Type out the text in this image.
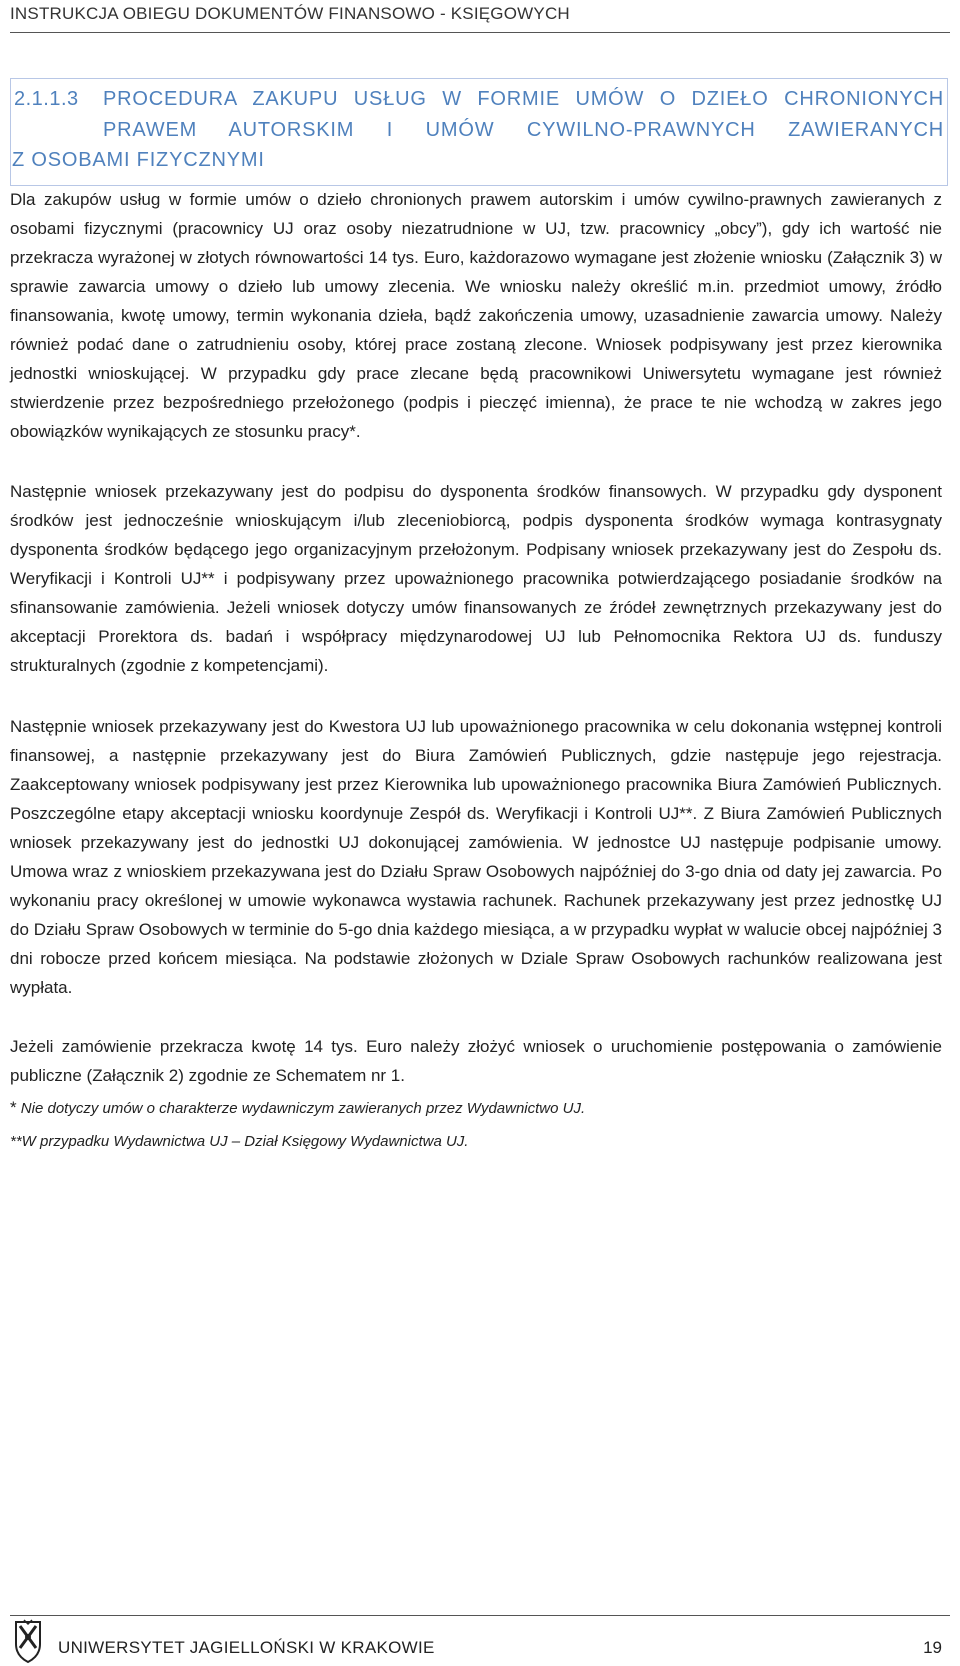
INSTRUKCJA OBIEGU DOKUMENTÓW FINANSOWO - KSIĘGOWYCH
2.1.1.3 PROCEDURA ZAKUPU USŁUG W FORMIE UMÓW O DZIEŁO CHRONIONYCH
PRAWEM AUTORSKIM I UMÓW CYWILNO-PRAWNYCH ZAWIERANYCH
Z OSOBAMI FIZYCZNYMI
Dla zakupów usług w formie umów o dzieło chronionych prawem autorskim i umów cywilno-prawnych zawieranych z osobami fizycznymi (pracownicy UJ oraz osoby niezatrudnione w UJ, tzw. pracownicy „obcy”), gdy ich wartość nie przekracza wyrażonej w złotych równowartości 14 tys. Euro, każdorazowo wymagane jest złożenie wniosku (Załącznik 3) w sprawie zawarcia umowy o dzieło lub umowy zlecenia. We wniosku należy określić m.in. przedmiot umowy, źródło finansowania, kwotę umowy, termin wykonania dzieła, bądź zakończenia umowy, uzasadnienie zawarcia umowy. Należy również podać dane o zatrudnieniu osoby, której prace zostaną zlecone. Wniosek podpisywany jest przez kierownika jednostki wnioskującej. W przypadku gdy prace zlecane będą pracownikowi Uniwersytetu wymagane jest również stwierdzenie przez bezpośredniego przełożonego (podpis i pieczęć imienna), że prace te nie wchodzą w zakres jego obowiązków wynikających ze stosunku pracy*.
Następnie wniosek przekazywany jest do podpisu do dysponenta środków finansowych. W przypadku gdy dysponent środków jest jednocześnie wnioskującym i/lub zleceniobiorcą, podpis dysponenta środków wymaga kontrasygnaty dysponenta środków będącego jego organizacyjnym przełożonym. Podpisany wniosek przekazywany jest do Zespołu ds. Weryfikacji i Kontroli UJ** i podpisywany przez upoważnionego pracownika potwierdzającego posiadanie środków na sfinansowanie zamówienia. Jeżeli wniosek dotyczy umów finansowanych ze źródeł zewnętrznych przekazywany jest do akceptacji Prorektora ds. badań i współpracy międzynarodowej UJ lub Pełnomocnika Rektora UJ ds. funduszy strukturalnych (zgodnie z kompetencjami).
Następnie wniosek przekazywany jest do Kwestora UJ lub upoważnionego pracownika w celu dokonania wstępnej kontroli finansowej, a następnie przekazywany jest do Biura Zamówień Publicznych, gdzie następuje jego rejestracja. Zaakceptowany wniosek podpisywany jest przez Kierownika lub upoważnionego pracownika Biura Zamówień Publicznych. Poszczególne etapy akceptacji wniosku koordynuje Zespół ds. Weryfikacji i Kontroli UJ**. Z Biura Zamówień Publicznych wniosek przekazywany jest do jednostki UJ dokonującej zamówienia. W jednostce UJ następuje podpisanie umowy. Umowa wraz z wnioskiem przekazywana jest do Działu Spraw Osobowych najpóźniej do 3-go dnia od daty jej zawarcia. Po wykonaniu pracy określonej w umowie wykonawca wystawia rachunek. Rachunek przekazywany jest przez jednostkę UJ do Działu Spraw Osobowych w terminie do 5-go dnia każdego miesiąca, a w przypadku wypłat w walucie obcej najpóźniej 3 dni robocze przed końcem miesiąca. Na podstawie złożonych w Dziale Spraw Osobowych rachunków realizowana jest wypłata.
Jeżeli zamówienie przekracza kwotę 14 tys. Euro należy złożyć wniosek o uruchomienie postępowania o zamówienie publiczne (Załącznik 2) zgodnie ze Schematem nr 1.
* Nie dotyczy umów o charakterze wydawniczym zawieranych przez Wydawnictwo UJ.
**W przypadku Wydawnictwa UJ – Dział Księgowy Wydawnictwa UJ.
UNIWERSYTET JAGIELLOŃSKI W KRAKOWIE	19
